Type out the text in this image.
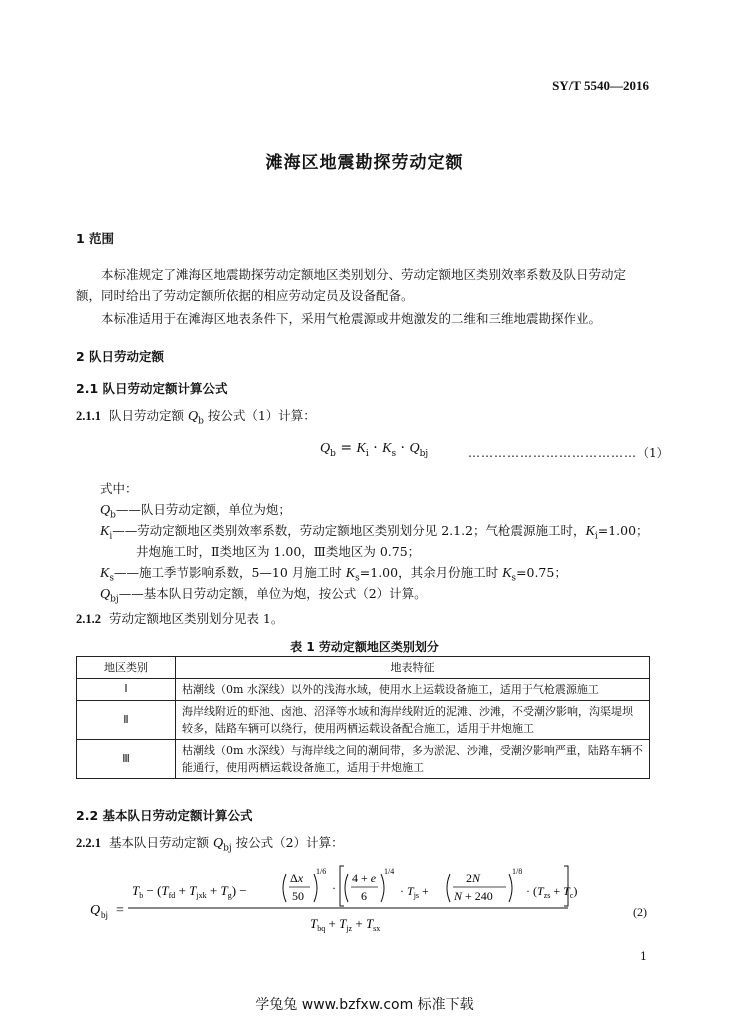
SY/T 5540—2016
滩海区地震勘探劳动定额
1 范围
本标准规定了滩海区地震勘探劳动定额地区类别划分、劳动定额地区类别效率系数及队日劳动定额，同时给出了劳动定额所依据的相应劳动定员及设备配备。
本标准适用于在滩海区地表条件下，采用气枪震源或井炮激发的二维和三维地震勘探作业。
2 队日劳动定额
2.1 队日劳动定额计算公式
2.1.1 队日劳动定额 $Q_b$ 按公式（1）计算：
$Q_b = K_i \cdot K_s \cdot Q_{bj}$	…………………………………（1）
式中：
$Q_b——$队日劳动定额，单位为炮；
$K_i——$劳动定额地区类别效率系数，劳动定额地区类别划分见 2.1.2；气枪震源施工时，$K_i=1.00$；
井炮施工时，Ⅱ类地区为 1.00，Ⅲ类地区为 0.75；
$K_s——$施工季节影响系数，5—10 月施工时 $K_s=1.00$，其余月份施工时 $K_s=0.75$；
$Q_{bj}——$基本队日劳动定额，单位为炮，按公式（2）计算。
2.1.2 劳动定额地区类别划分见表 1。
表 1 劳动定额地区类别划分
地区类别	地表特征
Ⅰ	枯潮线（0m 水深线）以外的浅海水域，使用水上运载设备施工，适用于气枪震源施工
Ⅱ	海岸线附近的虾池、卤池、沼泽等水域和海岸线附近的泥滩、沙滩，不受潮汐影响，沟渠堤坝较多，陆路车辆可以绕行，使用两栖运载设备配合施工，适用于井炮施工
Ⅲ	枯潮线（0m 水深线）与海岸线之间的潮间带，多为淤泥、沙滩，受潮汐影响严重，陆路车辆不能通行，使用两栖运载设备施工，适用于井炮施工
2.2 基本队日劳动定额计算公式
2.2.1 基本队日劳动定额 $Q_{bj}$ 按公式（2）计算：
Q bj =
$T_b - (T_{fd} + T_{jxk} + T_g)$ −
Δx
50
1/6
·
4 + e
6
1/4
· $T_{js}$ +
2N
N + 240
1/8
· $(T_{zs} + T_c)$
$T_{bq} + T_{jz} + T_{sx}$
(2)
1
学兔兔 www.bzfxw.com 标准下载
